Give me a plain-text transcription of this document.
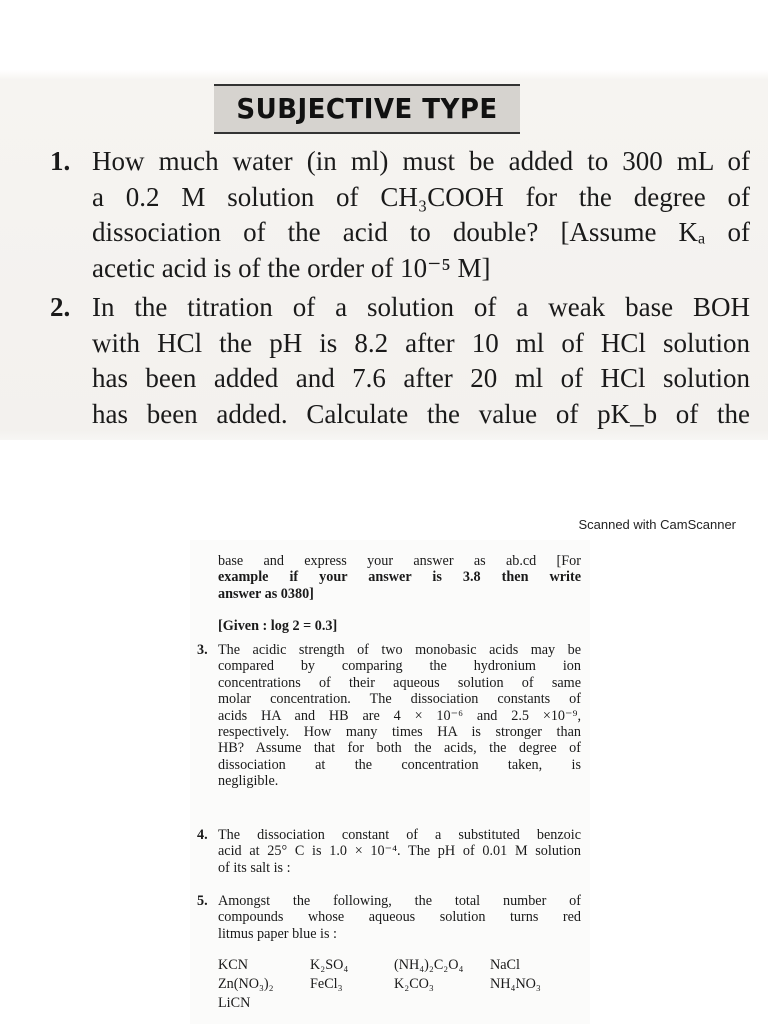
SUBJECTIVE TYPE
1. How much water (in ml) must be added to 300 mL of
a 0.2 M solution of CH₃COOH for the degree of
dissociation of the acid to double? [Assume Kₐ of
acetic acid is of the order of 10⁻⁵ M]
2. In the titration of a solution of a weak base BOH
with HCl the pH is 8.2 after 10 ml of HCl solution
has been added and 7.6 after 20 ml of HCl solution
has been added. Calculate the value of pK_b of the
Scanned with CamScanner
base and express your answer as ab.cd [For
example if your answer is 3.8 then write
answer as 0380]
[Given : log 2 = 0.3]
3. The acidic strength of two monobasic acids may be
compared by comparing the hydronium ion
concentrations of their aqueous solution of same
molar concentration. The dissociation constants of
acids HA and HB are 4 × 10⁻⁶ and 2.5 ×10⁻⁹,
respectively. How many times HA is stronger than
HB? Assume that for both the acids, the degree of
dissociation at the concentration taken, is
negligible.
4. The dissociation constant of a substituted benzoic
acid at 25° C is 1.0 × 10⁻⁴. The pH of 0.01 M solution
of its salt is :
5. Amongst the following, the total number of
compounds whose aqueous solution turns red
litmus paper blue is :
KCN	K₂SO₄	(NH₄)₂C₂O₄	NaCl
Zn(NO₃)₂	FeCl₃	K₂CO₃	NH₄NO₃
LiCN
